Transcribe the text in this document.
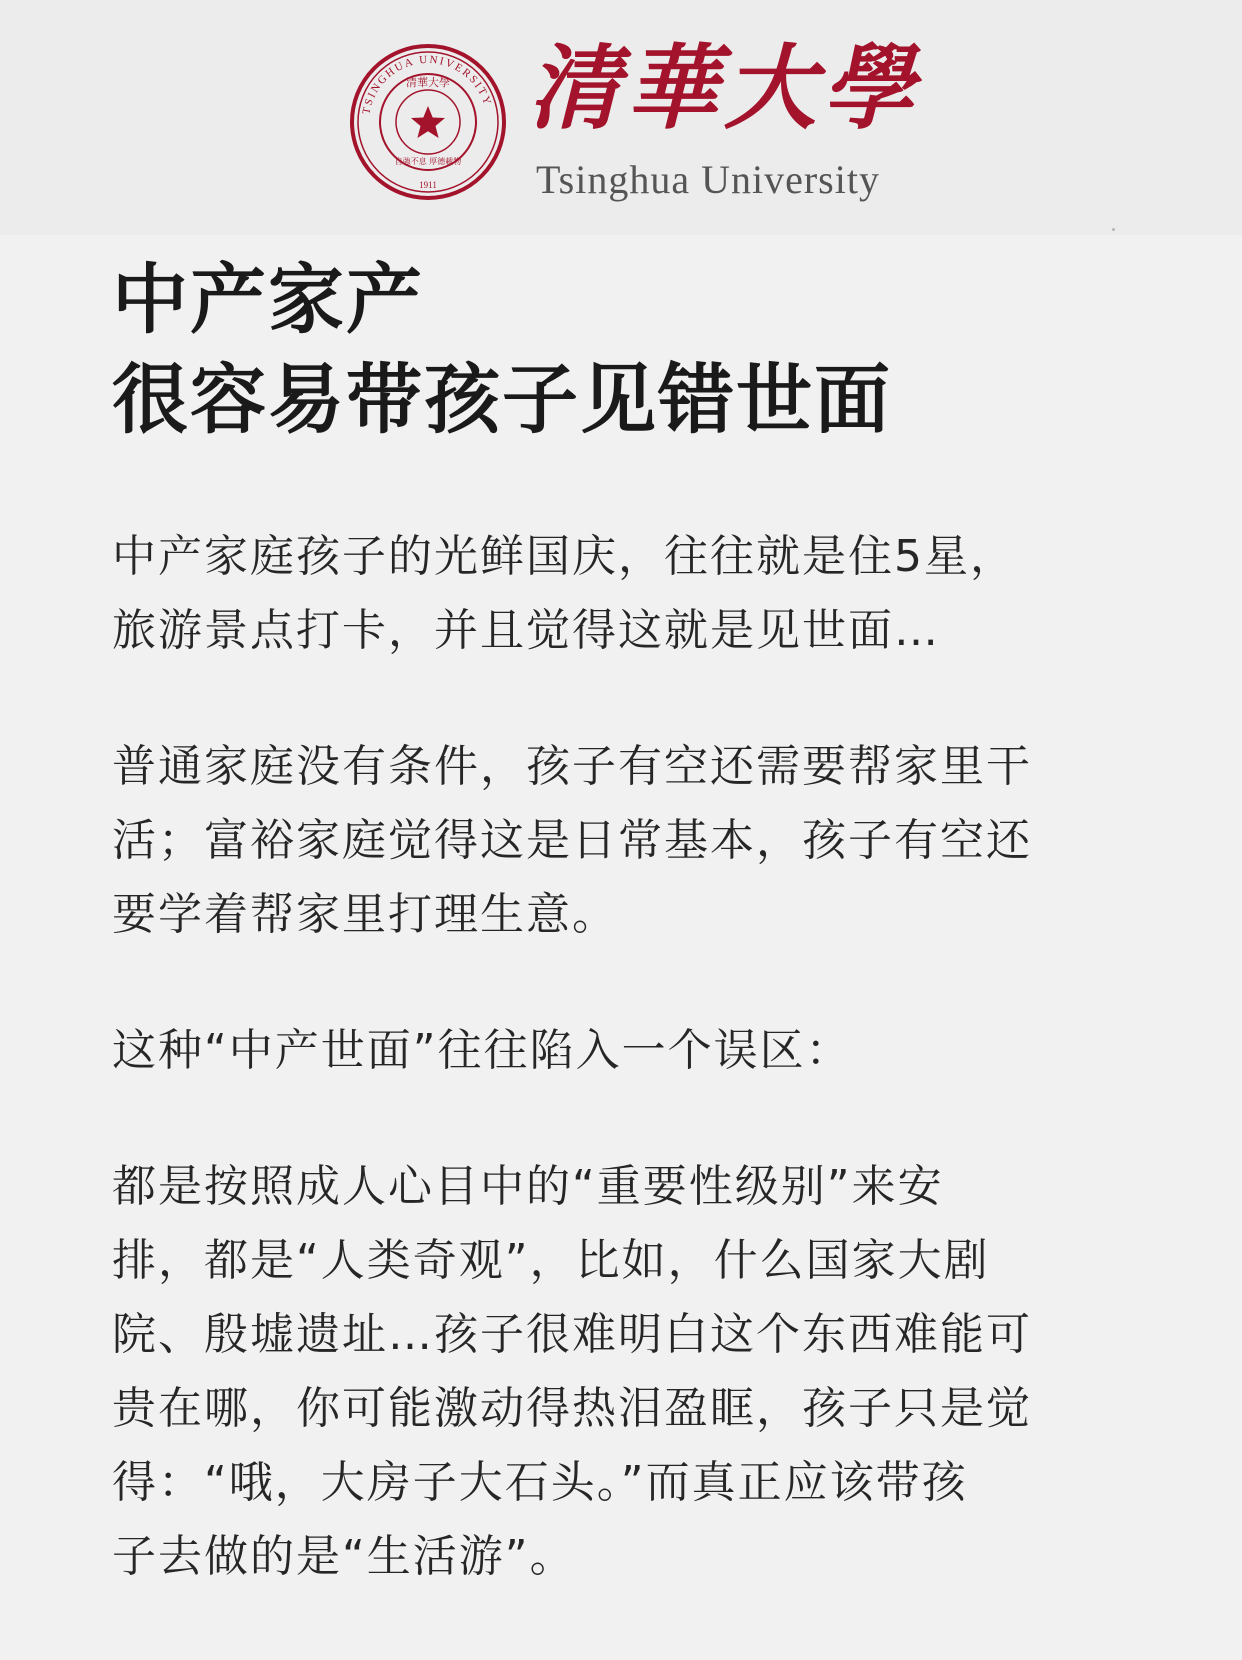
TSINGHUA UNIVERSITY
1911
清華大學
自強不息 厚德載物
清華大學
Tsinghua University
中产家产
很容易带孩子见错世面

中产家庭孩子的光鲜国庆，往往就是住5星，
旅游景点打卡，并且觉得这就是见世面…

普通家庭没有条件，孩子有空还需要帮家里干
活；富裕家庭觉得这是日常基本，孩子有空还
要学着帮家里打理生意。

这种“中产世面”往往陷入一个误区：

都是按照成人心目中的“重要性级别”来安
排，都是“人类奇观”，比如，什么国家大剧
院、殷墟遗址…孩子很难明白这个东西难能可
贵在哪，你可能激动得热泪盈眶，孩子只是觉
得：“哦，大房子大石头。”而真正应该带孩
子去做的是“生活游”。
